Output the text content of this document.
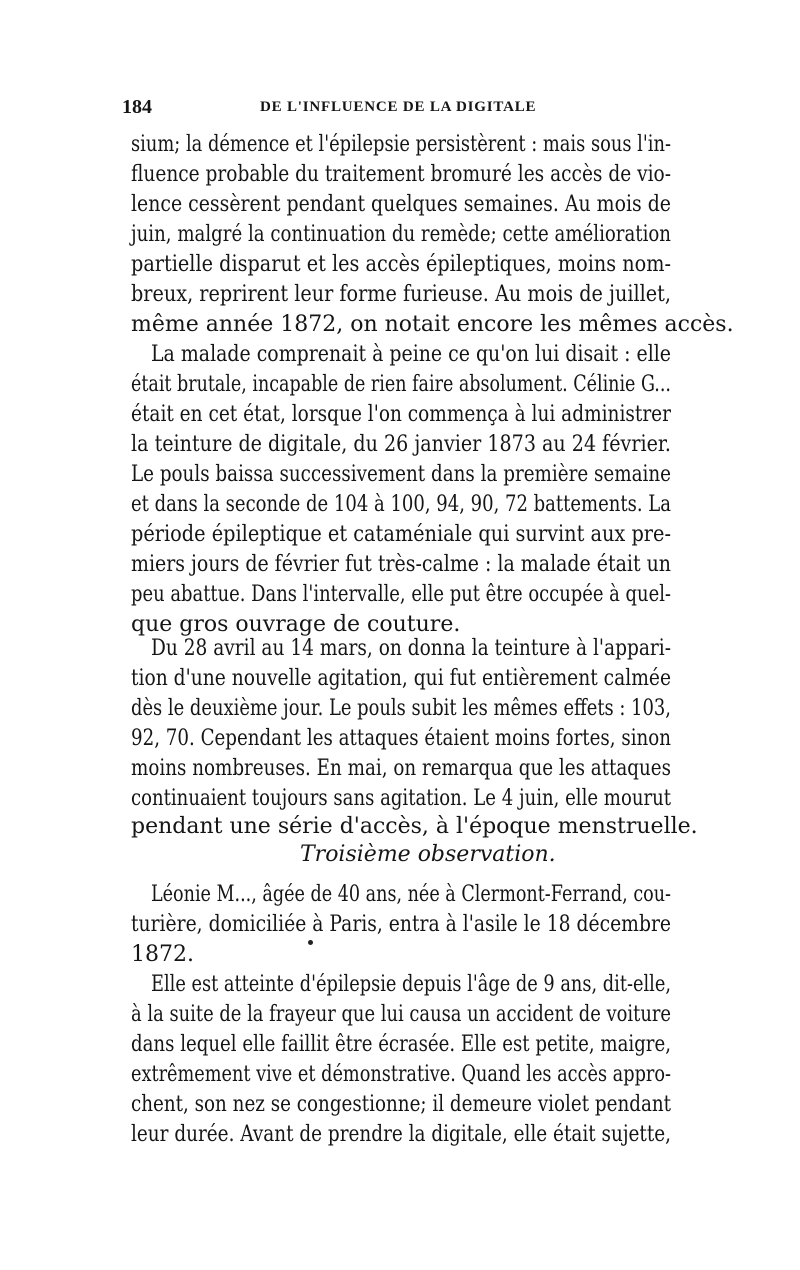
184	DE L'INFLUENCE DE LA DIGITALE
sium; la démence et l'épilepsie persistèrent : mais sous l'in-
fluence probable du traitement bromuré les accès de vio-
lence cessèrent pendant quelques semaines. Au mois de
juin, malgré la continuation du remède; cette amélioration
partielle disparut et les accès épileptiques, moins nom-
breux, reprirent leur forme furieuse. Au mois de juillet,
même année 1872, on notait encore les mêmes accès.
La malade comprenait à peine ce qu'on lui disait : elle
était brutale, incapable de rien faire absolument. Célinie G...
était en cet état, lorsque l'on commença à lui administrer
la teinture de digitale, du 26 janvier 1873 au 24 février.
Le pouls baissa successivement dans la première semaine
et dans la seconde de 104 à 100, 94, 90, 72 battements. La
période épileptique et cataméniale qui survint aux pre-
miers jours de février fut très-calme : la malade était un
peu abattue. Dans l'intervalle, elle put être occupée à quel-
que gros ouvrage de couture.
Du 28 avril au 14 mars, on donna la teinture à l'appari-
tion d'une nouvelle agitation, qui fut entièrement calmée
dès le deuxième jour. Le pouls subit les mêmes effets : 103,
92, 70. Cependant les attaques étaient moins fortes, sinon
moins nombreuses. En mai, on remarqua que les attaques
continuaient toujours sans agitation. Le 4 juin, elle mourut
pendant une série d'accès, à l'époque menstruelle.
Troisième observation.
Léonie M..., âgée de 40 ans, née à Clermont-Ferrand, cou-
turière, domiciliée à Paris, entra à l'asile le 18 décembre
1872.
Elle est atteinte d'épilepsie depuis l'âge de 9 ans, dit-elle,
à la suite de la frayeur que lui causa un accident de voiture
dans lequel elle faillit être écrasée. Elle est petite, maigre,
extrêmement vive et démonstrative. Quand les accès appro-
chent, son nez se congestionne; il demeure violet pendant
leur durée. Avant de prendre la digitale, elle était sujette,
